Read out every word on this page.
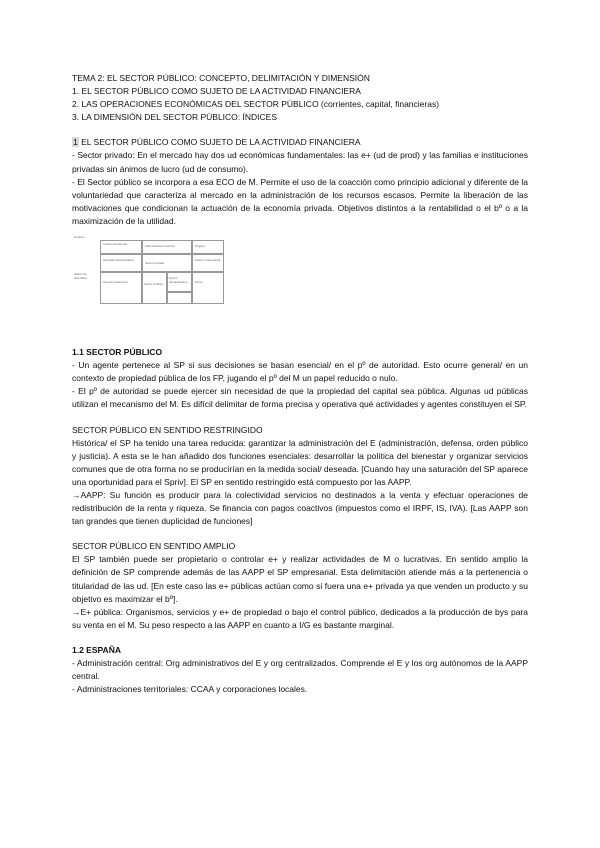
TEMA 2: EL SECTOR PÚBLICO: CONCEPTO, DELIMITACIÓN Y DIMENSIÓN

1. EL SECTOR PÚBLICO COMO SUJETO DE LA ACTIVIDAD FINANCIERA

2. LAS OPERACIONES ECONÓMICAS DEL SECTOR PÚBLICO (corrientes, capital, financieras)

3. LA DIMENSIÓN DEL SECTOR PÚBLICO: ÍNDICES

1 EL SECTOR PÚBLICO COMO SUJETO DE LA ACTIVIDAD FINANCIERA

- Sector privado: En el mercado hay dos ud económicas fundamentales: las e+ (ud de prod) y las familias e instituciones privadas sin ánimos de lucro (ud de consumo).

- El Sector público se incorpora a esa ECO de M. Permite el uso de la coacción como principio adicional y diferente de la voluntariedad que caracteriza al mercado en la administración de los recursos escasos. Permite la liberación de las motivaciones que condicionan la actuación de la economía privada. Objetivos distintos a la rentabilidad o el bº o a la maximización de la utilidad.

Centros
Criterio decisional	Administración central	Órgano
Mercado Administrativo
Sector privado
Sector empresarial
Sector de autoridad
Servicio autónomo	Sector público
Sector administrativo	Otros

1.1 SECTOR PÚBLICO

- Un agente pertenece al SP si sus decisiones se basan esencial/ en el pº de autoridad. Esto ocurre general/ en un contexto de propiedad pública de los FP, jugando el pº del M un papel reducido o nulo.

- El pº de autoridad se puede ejercer sin necesidad de que la propiedad del capital sea pública. Algunas ud públicas utilizan el mecanismo del M. Es difícil delimitar de forma precisa y operativa qué actividades y agentes constituyen el SP.

SECTOR PÚBLICO EN SENTIDO RESTRINGIDO

Histórica/ el SP ha tenido una tarea reducida: garantizar la administración del E (administración, defensa, orden público y justicia). A esta se le han añadido dos funciones esenciales: desarrollar la política del bienestar y organizar servicios comunes que de otra forma no se producirían en la medida social/ deseada. [Cuando hay una saturación del SP aparece una oportunidad para el Spriv]. El SP en sentido restringido está compuesto por las AAPP.

→AAPP: Su función es producir para la colectividad servicios no destinados a la venta y efectuar operaciones de redistribución de la renta y riqueza. Se financia con pagos coactivos (impuestos como el IRPF, IS, IVA). [Las AAPP son tan grandes que tienen duplicidad de funciones]

SECTOR PÚBLICO EN SENTIDO AMPLIO

El SP también puede ser propietario o controlar e+ y realizar actividades de M o lucrativas. En sentido amplio la definición de SP comprende además de las AAPP el SP empresarial. Esta delimitación atiende más a la pertenencia o titularidad de las ud. [En este caso las e+ públicas actúan como si fuera una e+ privada ya que venden un producto y su objetivo es maximizar el bº].

→E+ pública: Organismos, servicios y e+ de propiedad o bajo el control público, dedicados a la producción de bys para su venta en el M. Su peso respecto a las AAPP en cuanto a I/G es bastante marginal.

1.2 ESPAÑA

- Administración central: Org administrativos del E y org centralizados. Comprende el E y los org autónomos de la AAPP central.

- Administraciones territoriales: CCAA y corporaciones locales.
